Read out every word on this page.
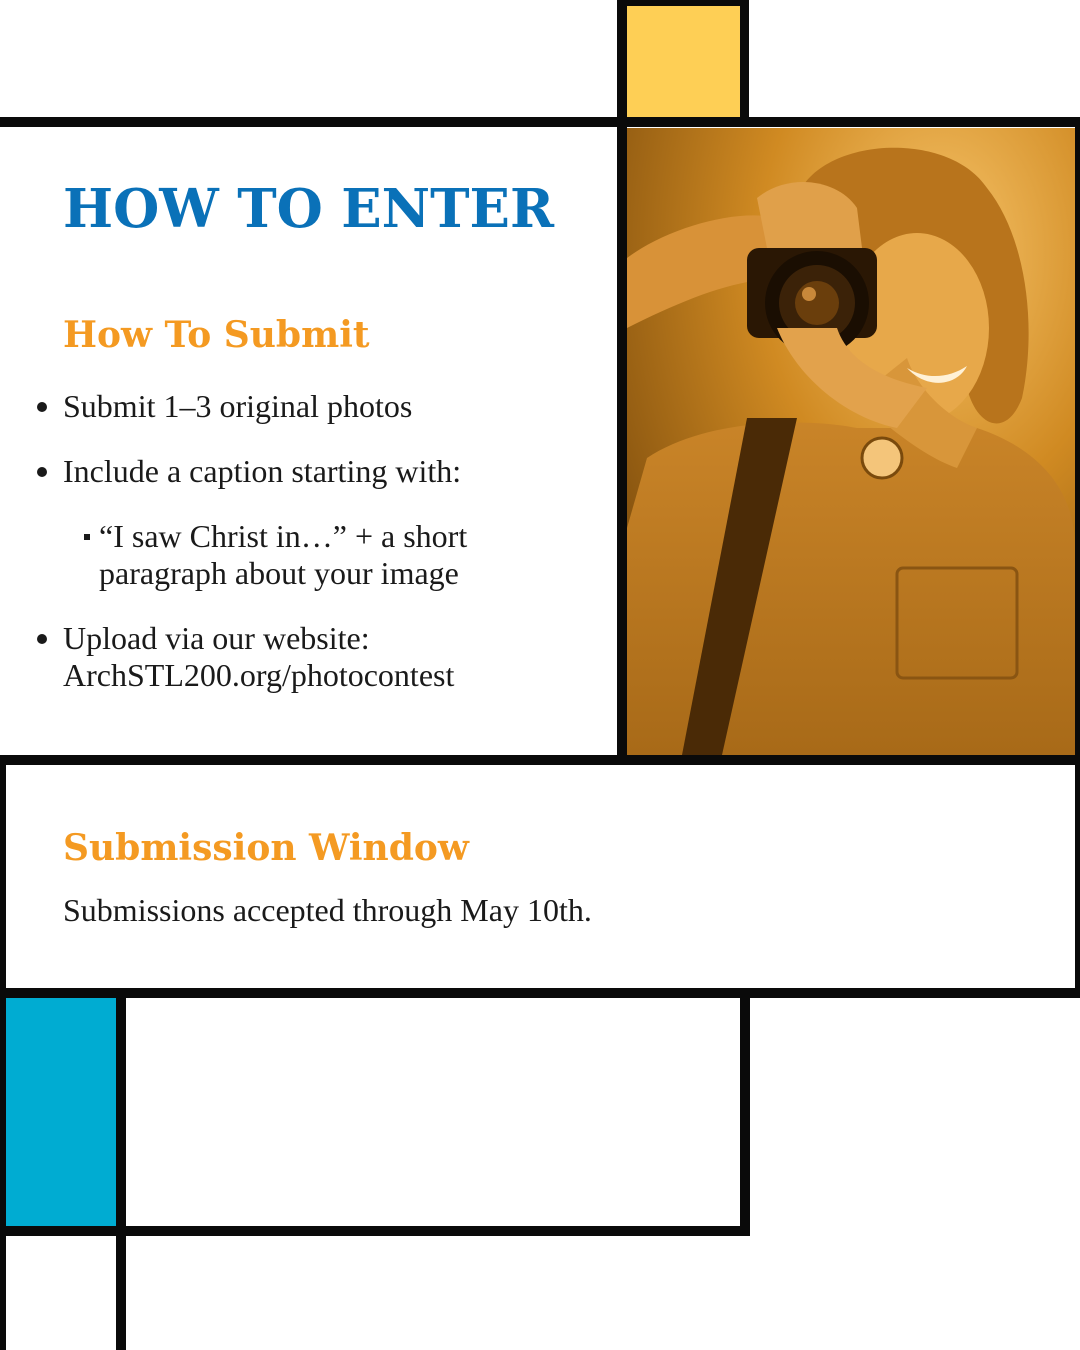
HOW TO ENTER
How To Submit
Submit 1–3 original photos
Include a caption starting with:
“I saw Christ in…” + a short paragraph about your image
Upload via our website: ArchSTL200.org/photocontest
Submission Window

Submissions accepted through May 10th.
